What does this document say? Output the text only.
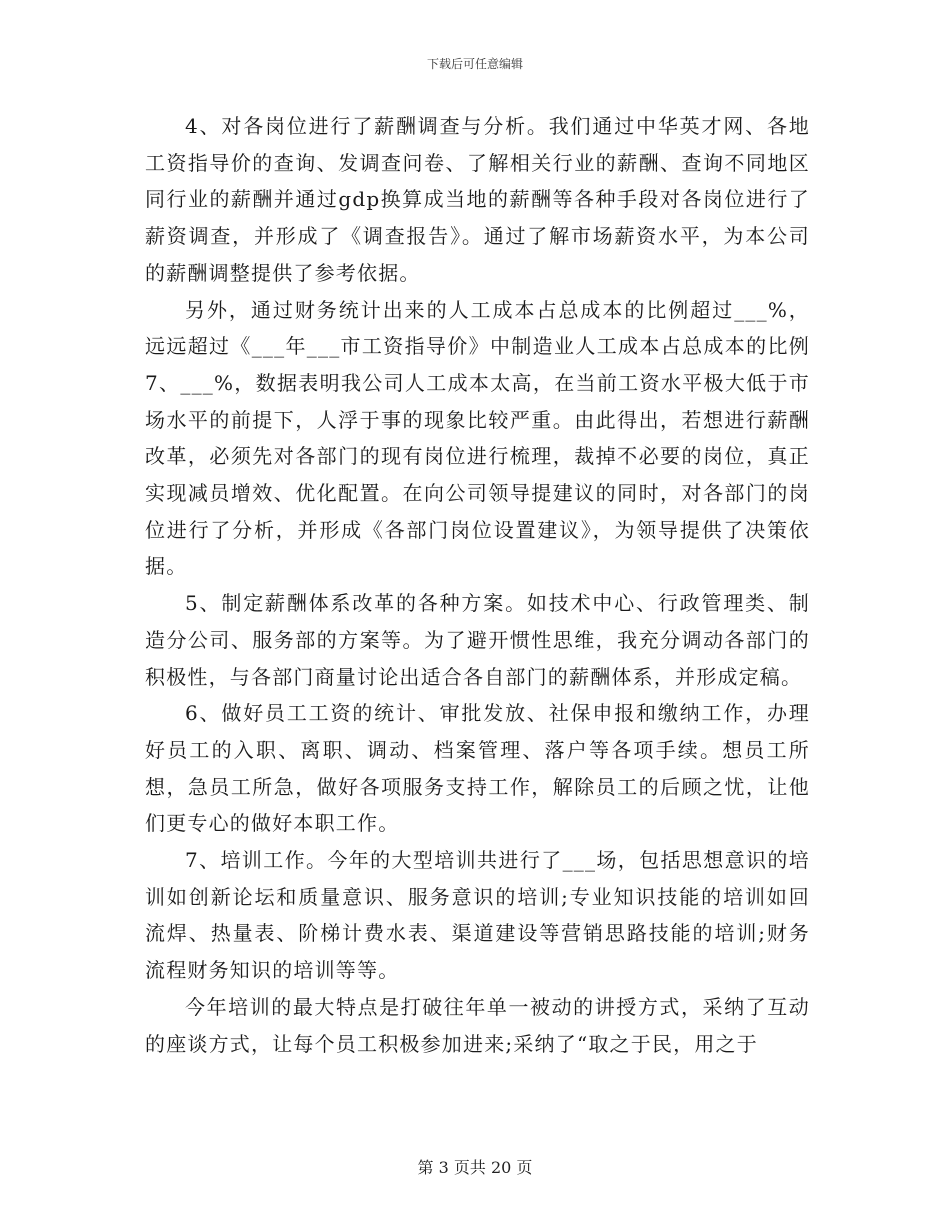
下载后可任意编辑

4、对各岗位进行了薪酬调查与分析。我们通过中华英才网、各地工资指导价的查询、发调查问卷、了解相关行业的薪酬、查询不同地区同行业的薪酬并通过gdp换算成当地的薪酬等各种手段对各岗位进行了薪资调查，并形成了《调查报告》。通过了解市场薪资水平，为本公司的薪酬调整提供了参考依据。

另外，通过财务统计出来的人工成本占总成本的比例超过___%，远远超过《___年___市工资指导价》中制造业人工成本占总成本的比例7、___%，数据表明我公司人工成本太高，在当前工资水平极大低于市场水平的前提下，人浮于事的现象比较严重。由此得出，若想进行薪酬改革，必须先对各部门的现有岗位进行梳理，裁掉不必要的岗位，真正实现减员增效、优化配置。在向公司领导提建议的同时，对各部门的岗位进行了分析，并形成《各部门岗位设置建议》，为领导提供了决策依据。

5、制定薪酬体系改革的各种方案。如技术中心、行政管理类、制造分公司、服务部的方案等。为了避开惯性思维，我充分调动各部门的积极性，与各部门商量讨论出适合各自部门的薪酬体系，并形成定稿。

6、做好员工工资的统计、审批发放、社保申报和缴纳工作，办理好员工的入职、离职、调动、档案管理、落户等各项手续。想员工所想，急员工所急，做好各项服务支持工作，解除员工的后顾之忧，让他们更专心的做好本职工作。

7、培训工作。今年的大型培训共进行了___场，包括思想意识的培训如创新论坛和质量意识、服务意识的培训;专业知识技能的培训如回流焊、热量表、阶梯计费水表、渠道建设等营销思路技能的培训;财务流程财务知识的培训等等。

今年培训的最大特点是打破往年单一被动的讲授方式，采纳了互动的座谈方式，让每个员工积极参加进来;采纳了“取之于民，用之于

第 3 页共 20 页
